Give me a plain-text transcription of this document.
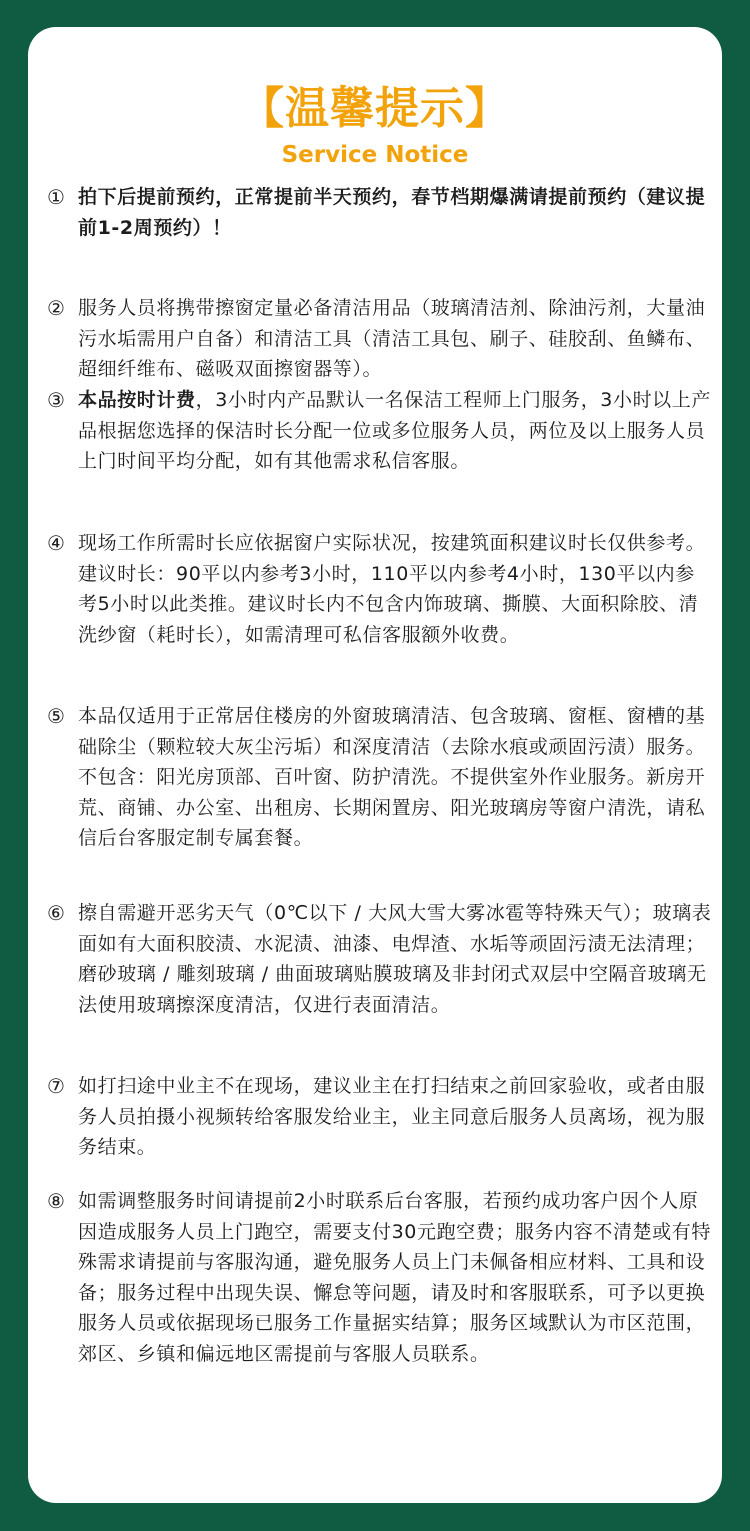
【温馨提示】
Service Notice
① 拍下后提前预约，正常提前半天预约，春节档期爆满请提前预约（建议提前1-2周预约）！
② 服务人员将携带擦窗定量必备清洁用品（玻璃清洁剂、除油污剂，大量油污水垢需用户自备）和清洁工具（清洁工具包、刷子、硅胶刮、鱼鳞布、超细纤维布、磁吸双面擦窗器等）。
③ 本品按时计费，3小时内产品默认一名保洁工程师上门服务，3小时以上产品根据您选择的保洁时长分配一位或多位服务人员，两位及以上服务人员上门时间平均分配，如有其他需求私信客服。
④ 现场工作所需时长应依据窗户实际状况，按建筑面积建议时长仅供参考。建议时长：90平以内参考3小时，110平以内参考4小时，130平以内参考5小时以此类推。建议时长内不包含内饰玻璃、撕膜、大面积除胶、清洗纱窗（耗时长），如需清理可私信客服额外收费。
⑤ 本品仅适用于正常居住楼房的外窗玻璃清洁、包含玻璃、窗框、窗槽的基础除尘（颗粒较大灰尘污垢）和深度清洁（去除水痕或顽固污渍）服务。不包含：阳光房顶部、百叶窗、防护清洗。不提供室外作业服务。新房开荒、商铺、办公室、出租房、长期闲置房、阳光玻璃房等窗户清洗，请私信后台客服定制专属套餐。
⑥ 擦自需避开恶劣天气（0℃以下 / 大风大雪大雾冰雹等特殊天气）；玻璃表面如有大面积胶渍、水泥渍、油漆、电焊渣、水垢等顽固污渍无法清理；磨砂玻璃 / 雕刻玻璃 / 曲面玻璃贴膜玻璃及非封闭式双层中空隔音玻璃无法使用玻璃擦深度清洁，仅进行表面清洁。
⑦ 如打扫途中业主不在现场，建议业主在打扫结束之前回家验收，或者由服务人员拍摄小视频转给客服发给业主，业主同意后服务人员离场，视为服务结束。
⑧ 如需调整服务时间请提前2小时联系后台客服，若预约成功客户因个人原因造成服务人员上门跑空，需要支付30元跑空费；服务内容不清楚或有特殊需求请提前与客服沟通，避免服务人员上门未佩备相应材料、工具和设备；服务过程中出现失误、懈怠等问题，请及时和客服联系，可予以更换服务人员或依据现场已服务工作量据实结算；服务区域默认为市区范围，郊区、乡镇和偏远地区需提前与客服人员联系。
